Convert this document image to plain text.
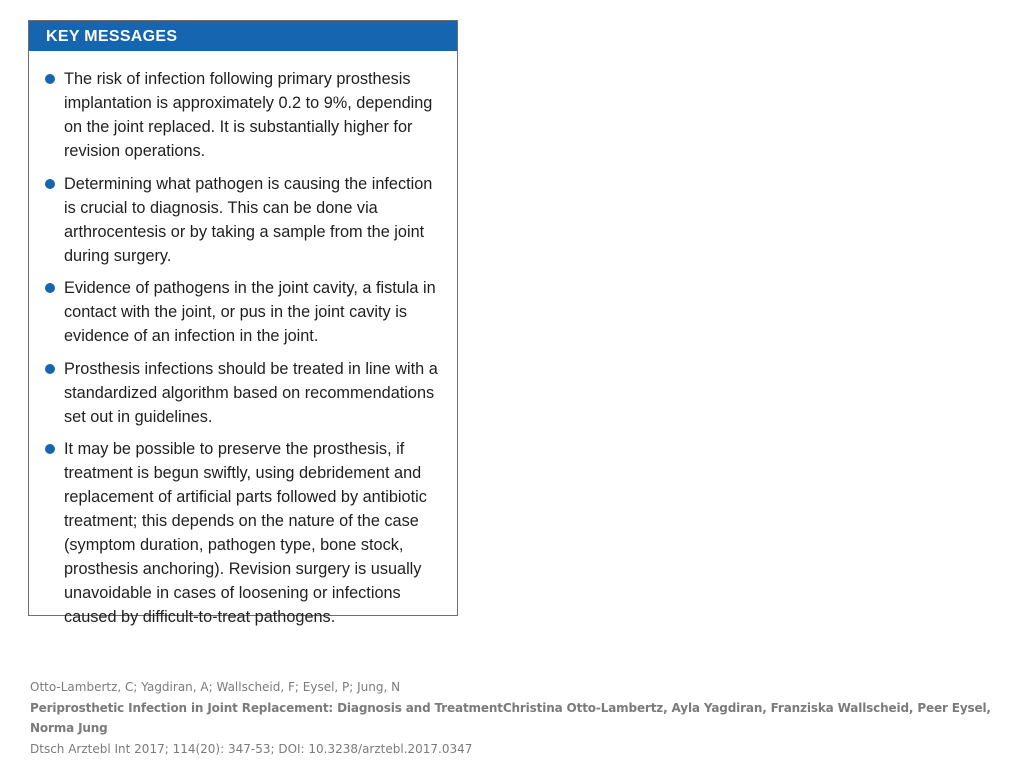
KEY MESSAGES
The risk of infection following primary prosthesis implantation is approximately 0.2 to 9%, depending on the joint replaced. It is substantially higher for revision operations.
Determining what pathogen is causing the infection is crucial to diagnosis. This can be done via arthrocentesis or by taking a sample from the joint during surgery.
Evidence of pathogens in the joint cavity, a fistula in contact with the joint, or pus in the joint cavity is evidence of an infection in the joint.
Prosthesis infections should be treated in line with a standardized algorithm based on recommendations set out in guidelines.
It may be possible to preserve the prosthesis, if treatment is begun swiftly, using debridement and replacement of artificial parts followed by antibiotic treatment; this depends on the nature of the case (symptom duration, pathogen type, bone stock, prosthesis anchoring). Revision surgery is usually unavoidable in cases of loosening or infections caused by difficult-to-treat pathogens.
Otto-Lambertz, C; Yagdiran, A; Wallscheid, F; Eysel, P; Jung, N
Periprosthetic Infection in Joint Replacement: Diagnosis and TreatmentChristina Otto-Lambertz, Ayla Yagdiran, Franziska Wallscheid, Peer Eysel, Norma Jung
Dtsch Arztebl Int 2017; 114(20): 347-53; DOI: 10.3238/arztebl.2017.0347
